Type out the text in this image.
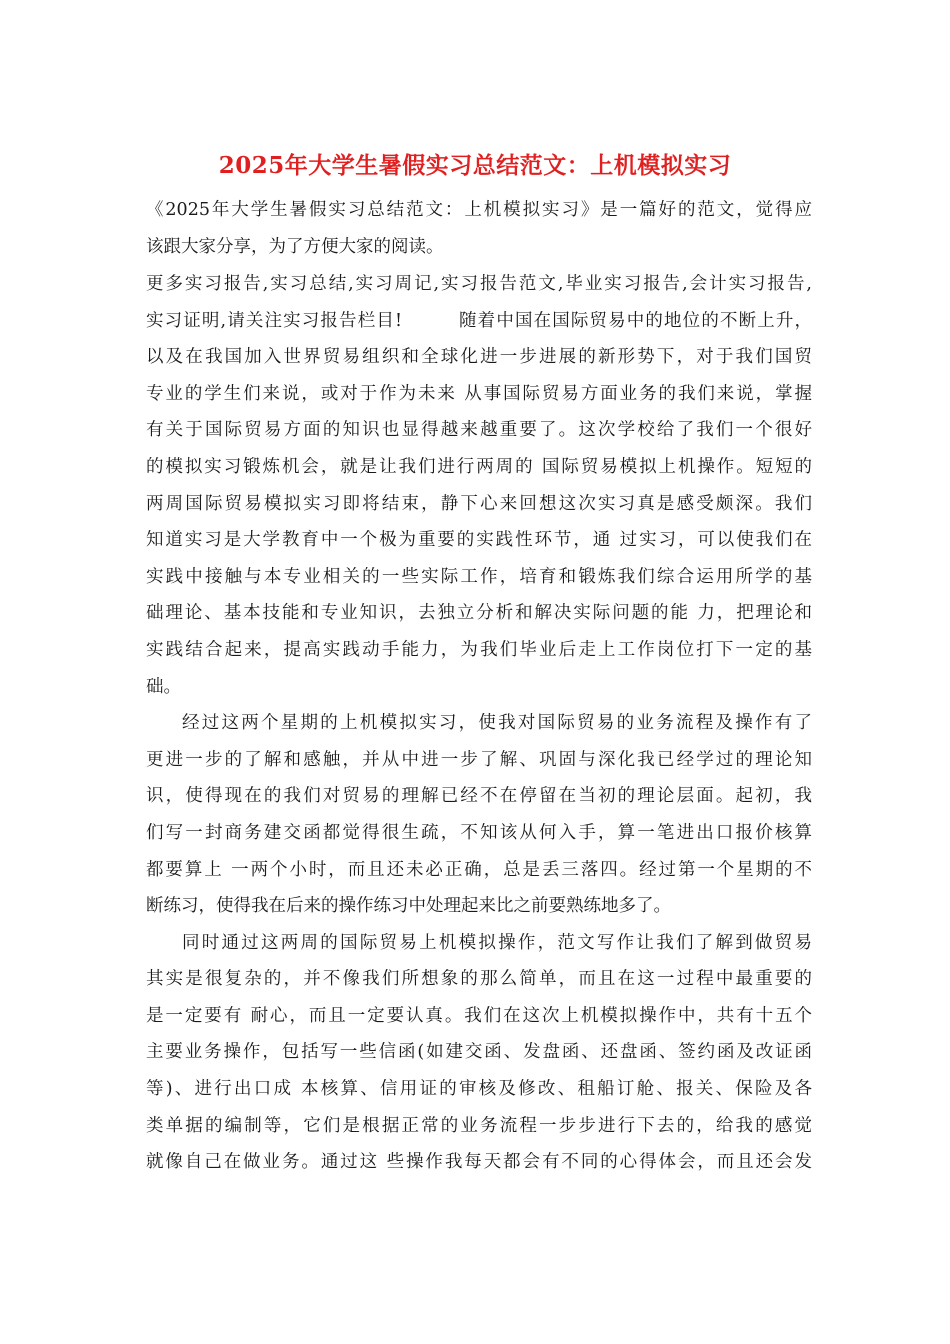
2025年大学生暑假实习总结范文：上机模拟实习
《2025年大学生暑假实习总结范文：上机模拟实习》是一篇好的范文，觉得应
该跟大家分享，为了方便大家的阅读。
更多实习报告,实习总结,实习周记,实习报告范文,毕业实习报告,会计实习报告,
实习证明,请关注实习报告栏目!　　　随着中国在国际贸易中的地位的不断上升，
以及在我国加入世界贸易组织和全球化进一步进展的新形势下，对于我们国贸
专业的学生们来说，或对于作为未来 从事国际贸易方面业务的我们来说，掌握
有关于国际贸易方面的知识也显得越来越重要了。这次学校给了我们一个很好
的模拟实习锻炼机会，就是让我们进行两周的 国际贸易模拟上机操作。短短的
两周国际贸易模拟实习即将结束，静下心来回想这次实习真是感受颇深。我们
知道实习是大学教育中一个极为重要的实践性环节，通 过实习，可以使我们在
实践中接触与本专业相关的一些实际工作，培育和锻炼我们综合运用所学的基
础理论、基本技能和专业知识，去独立分析和解决实际问题的能 力，把理论和
实践结合起来，提高实践动手能力，为我们毕业后走上工作岗位打下一定的基
础。
经过这两个星期的上机模拟实习，使我对国际贸易的业务流程及操作有了
更进一步的了解和感触，并从中进一步了解、巩固与深化我已经学过的理论知
识，使得现在的我们对贸易的理解已经不在停留在当初的理论层面。起初，我
们写一封商务建交函都觉得很生疏，不知该从何入手，算一笔进出口报价核算
都要算上 一两个小时，而且还未必正确，总是丢三落四。经过第一个星期的不
断练习，使得我在后来的操作练习中处理起来比之前要熟练地多了。
同时通过这两周的国际贸易上机模拟操作，范文写作让我们了解到做贸易
其实是很复杂的，并不像我们所想象的那么简单，而且在这一过程中最重要的
是一定要有 耐心，而且一定要认真。我们在这次上机模拟操作中，共有十五个
主要业务操作，包括写一些信函(如建交函、发盘函、还盘函、签约函及改证函
等)、进行出口成 本核算、信用证的审核及修改、租船订舱、报关、保险及各
类单据的编制等，它们是根据正常的业务流程一步步进行下去的，给我的感觉
就像自己在做业务。通过这 些操作我每天都会有不同的心得体会，而且还会发
